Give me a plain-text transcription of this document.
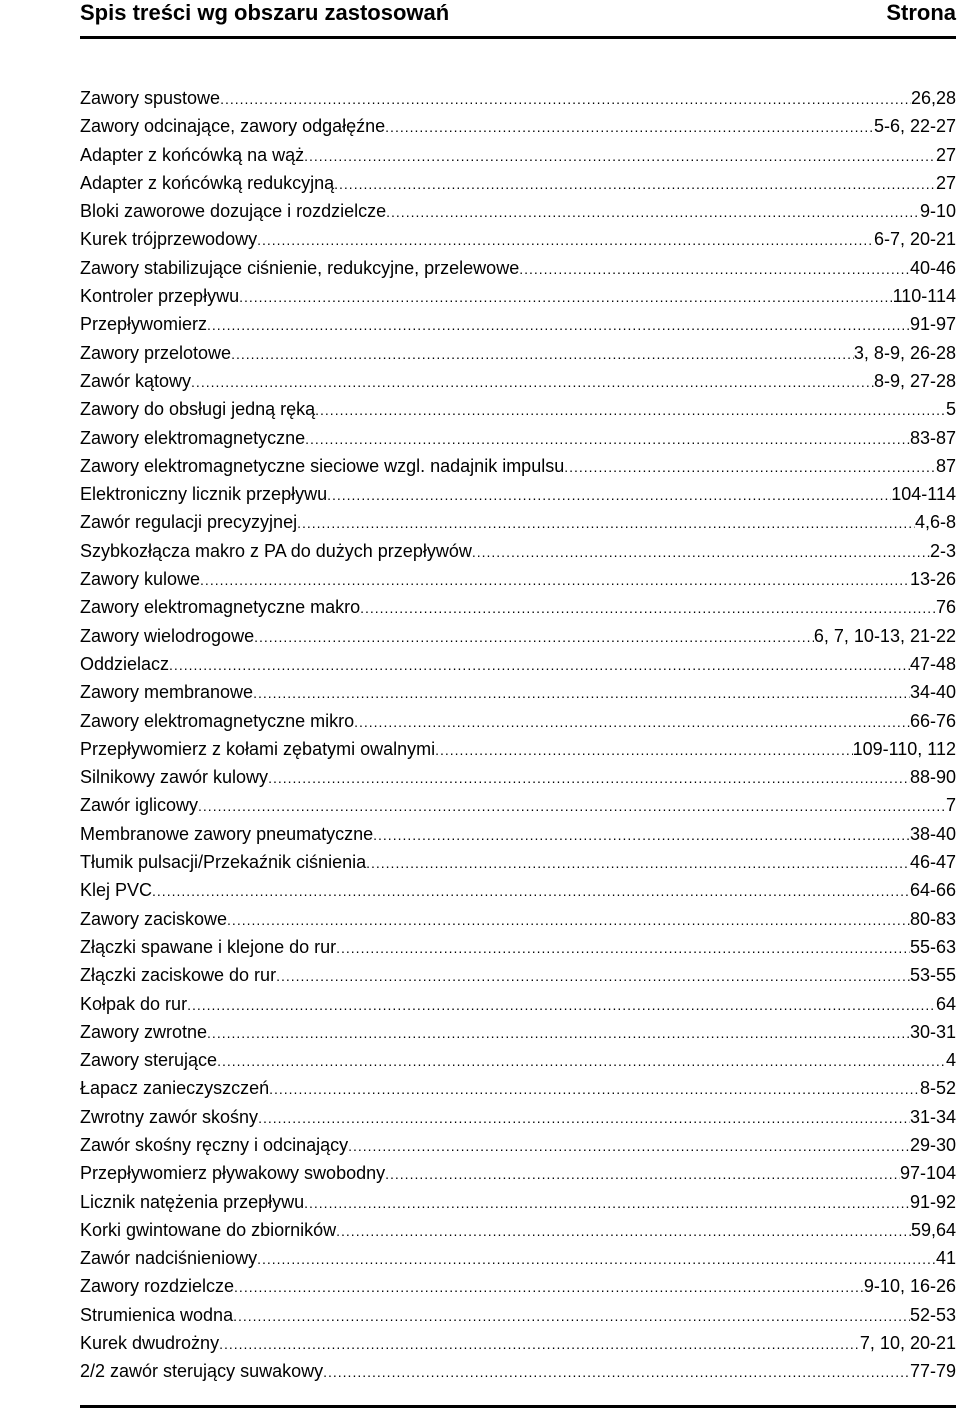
Spis treści wg obszaru zastosowań	Strona
Zawory spustowe .....	26,28
Zawory odcinające, zawory odgałęźne .....	5-6, 22-27
Adapter z końcówką na wąż .....	27
Adapter z końcówką redukcyjną .....	27
Bloki zaworowe dozujące i rozdzielcze .....	9-10
Kurek trójprzewodowy .....	6-7, 20-21
Zawory stabilizujące ciśnienie, redukcyjne, przelewowe .....	40-46
Kontroler przepływu .....	110-114
Przepływomierz .....	91-97
Zawory przelotowe .....	3, 8-9, 26-28
Zawór kątowy .....	8-9, 27-28
Zawory do obsługi jedną ręką .....	5
Zawory elektromagnetyczne .....	83-87
Zawory elektromagnetyczne sieciowe wzgl. nadajnik impulsu .....	87
Elektroniczny licznik przepływu .....	104-114
Zawór regulacji precyzyjnej .....	4,6-8
Szybkozłącza makro z PA do dużych przepływów .....	2-3
Zawory kulowe .....	13-26
Zawory elektromagnetyczne makro .....	76
Zawory wielodrogowe .....	6, 7, 10-13, 21-22
Oddzielacz .....	47-48
Zawory membranowe .....	34-40
Zawory elektromagnetyczne mikro .....	66-76
Przepływomierz z kołami zębatymi owalnymi .....	109-110, 112
Silnikowy zawór kulowy .....	88-90
Zawór iglicowy .....	7
Membranowe zawory pneumatyczne .....	38-40
Tłumik pulsacji/Przekaźnik ciśnienia .....	46-47
Klej PVC .....	64-66
Zawory zaciskowe .....	80-83
Złączki spawane i klejone do rur .....	55-63
Złączki zaciskowe do rur .....	53-55
Kołpak do rur .....	64
Zawory zwrotne .....	30-31
Zawory sterujące .....	4
Łapacz zanieczyszczeń .....	8-52
Zwrotny zawór skośny .....	31-34
Zawór skośny ręczny i odcinający .....	29-30
Przepływomierz pływakowy swobodny .....	97-104
Licznik natężenia przepływu .....	91-92
Korki gwintowane do zbiorników .....	59,64
Zawór nadciśnieniowy .....	41
Zawory rozdzielcze .....	9-10, 16-26
Strumienica wodna .....	52-53
Kurek dwudrożny .....	7, 10, 20-21
2/2 zawór sterujący suwakowy .....	77-79
